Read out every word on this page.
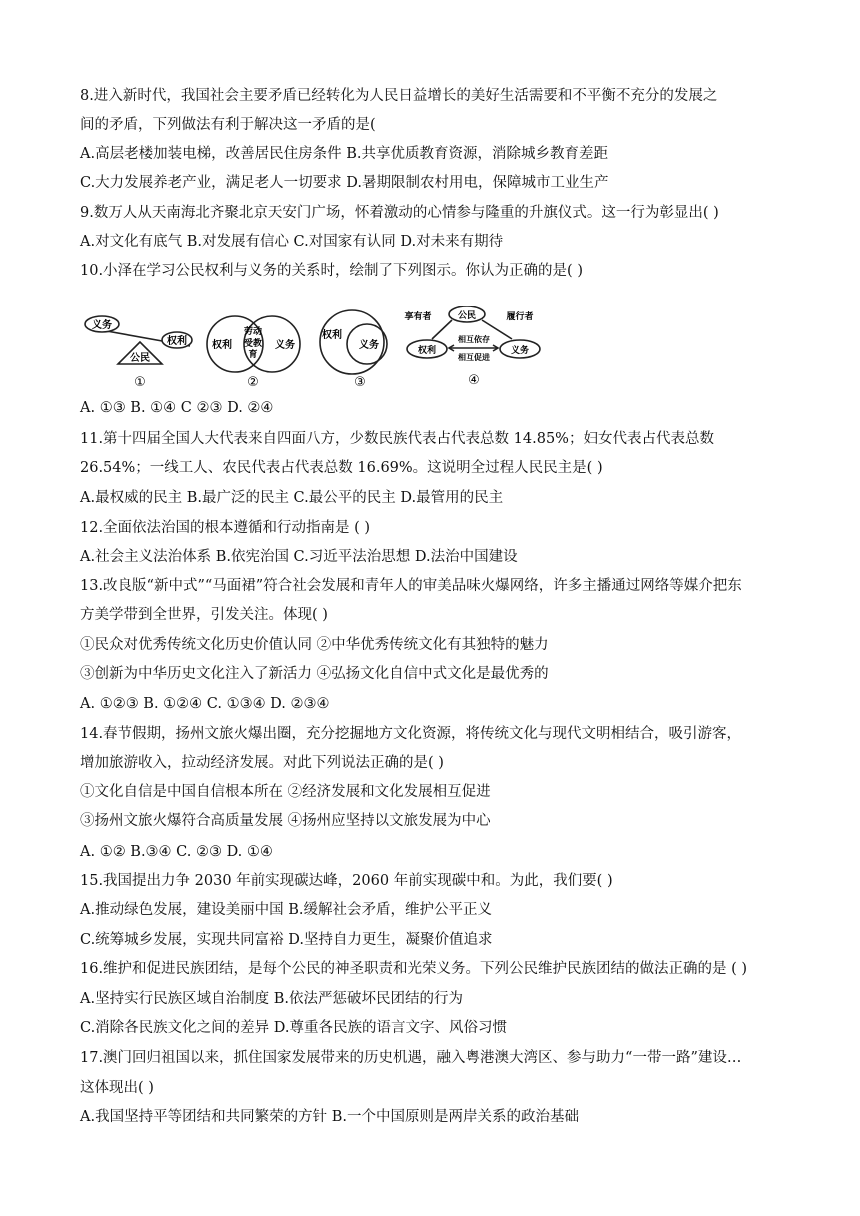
8.进入新时代，我国社会主要矛盾已经转化为人民日益增长的美好生活需要和不平衡不充分的发展之
间的矛盾，下列做法有利于解决这一矛盾的是(
A.高层老楼加装电梯，改善居民住房条件 B.共享优质教育资源，消除城乡教育差距
C.大力发展养老产业，满足老人一切要求 D.暑期限制农村用电，保障城市工业生产
9.数万人从天南海北齐聚北京天安门广场，怀着激动的心情参与隆重的升旗仪式。这一行为彰显出( )
A.对文化有底气 B.对发展有信心 C.对国家有认同 D.对未来有期待
10.小泽在学习公民权利与义务的关系时，绘制了下列图示。你认为正确的是( )
义务
权利
公民
①
权利
劳动
受教
育
义务
②
权利
义务
③
公民
享有者	履行者
权利	义务
相互依存
相互促进
④
A. ①③ B. ①④ C ②③ D. ②④
11.第十四届全国人大代表来自四面八方，少数民族代表占代表总数 14.85%；妇女代表占代表总数
26.54%；一线工人、农民代表占代表总数 16.69%。这说明全过程人民民主是( )
A.最权威的民主 B.最广泛的民主 C.最公平的民主 D.最管用的民主
12.全面依法治国的根本遵循和行动指南是 ( )
A.社会主义法治体系 B.依宪治国 C.习近平法治思想 D.法治中国建设
13.改良版“新中式”“马面裙”符合社会发展和青年人的审美品味火爆网络，许多主播通过网络等媒介把东
方美学带到全世界，引发关注。体现( )
①民众对优秀传统文化历史价值认同 ②中华优秀传统文化有其独特的魅力
③创新为中华历史文化注入了新活力 ④弘扬文化自信中式文化是最优秀的
A. ①②③ B. ①②④ C. ①③④ D. ②③④
14.春节假期，扬州文旅火爆出圈，充分挖掘地方文化资源，将传统文化与现代文明相结合，吸引游客，
增加旅游收入，拉动经济发展。对此下列说法正确的是( )
①文化自信是中国自信根本所在 ②经济发展和文化发展相互促进
③扬州文旅火爆符合高质量发展 ④扬州应坚持以文旅发展为中心
A. ①② B.③④ C. ②③ D. ①④
15.我国提出力争 2030 年前实现碳达峰，2060 年前实现碳中和。为此，我们要( )
A.推动绿色发展，建设美丽中国 B.缓解社会矛盾，维护公平正义
C.统筹城乡发展，实现共同富裕 D.坚持自力更生，凝聚价值追求
16.维护和促进民族团结，是每个公民的神圣职责和光荣义务。下列公民维护民族团结的做法正确的是 ( )
A.坚持实行民族区域自治制度 B.依法严惩破坏民团结的行为
C.消除各民族文化之间的差异 D.尊重各民族的语言文字、风俗习惯
17.澳门回归祖国以来，抓住国家发展带来的历史机遇，融入粤港澳大湾区、参与助力“一带一路”建设…
这体现出( )
A.我国坚持平等团结和共同繁荣的方针 B.一个中国原则是两岸关系的政治基础
